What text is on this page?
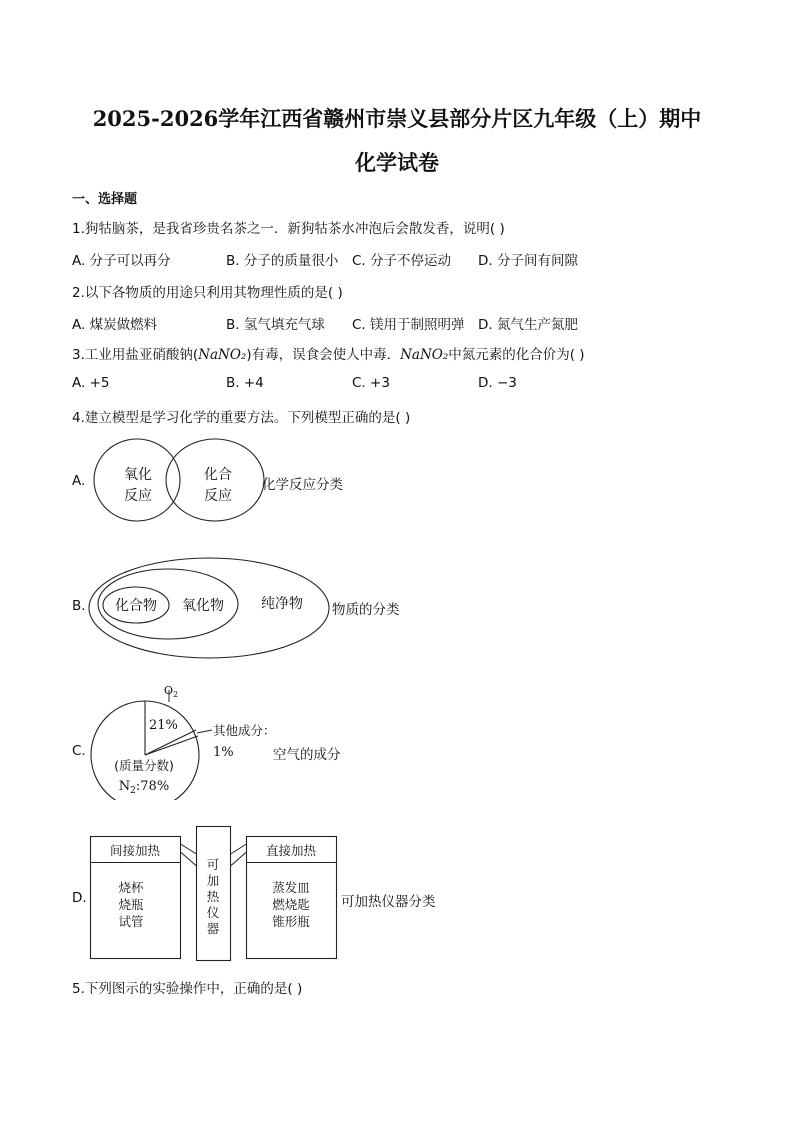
2025-2026学年江西省赣州市崇义县部分片区九年级（上）期中
化学试卷
一、选择题
1.狗牯脑茶，是我省珍贵名茶之一．新狗牯茶水冲泡后会散发香，说明( )
A. 分子可以再分	B. 分子的质量很小 C. 分子不停运动 D. 分子间有间隙
2.以下各物质的用途只利用其物理性质的是( )
A. 煤炭做燃料	B. 氢气填充气球 C. 镁用于制照明弹 D. 氮气生产氮肥
3.工业用盐亚硝酸钠(NaNO₂)有毒，误食会使人中毒．NaNO₂中氮元素的化合价为( )
A. +5	B. +4	C. +3	D. −3
4.建立模型是学习化学的重要方法。下列模型正确的是( )
A.	氧化
反应
化合
反应
化学反应分类
B. 化合物 氧化物	纯净物 物质的分类
C.
$O_2$
21%	其他成分：
1%
(质量分数)
$N_2:78\%$
空气的成分
D.
间接加热
烧杯
烧瓶
试管
可
加
热
仪
器
直接加热
蒸发皿
燃烧匙
锥形瓶
可加热仪器分类
5.下列图示的实验操作中，正确的是( )
